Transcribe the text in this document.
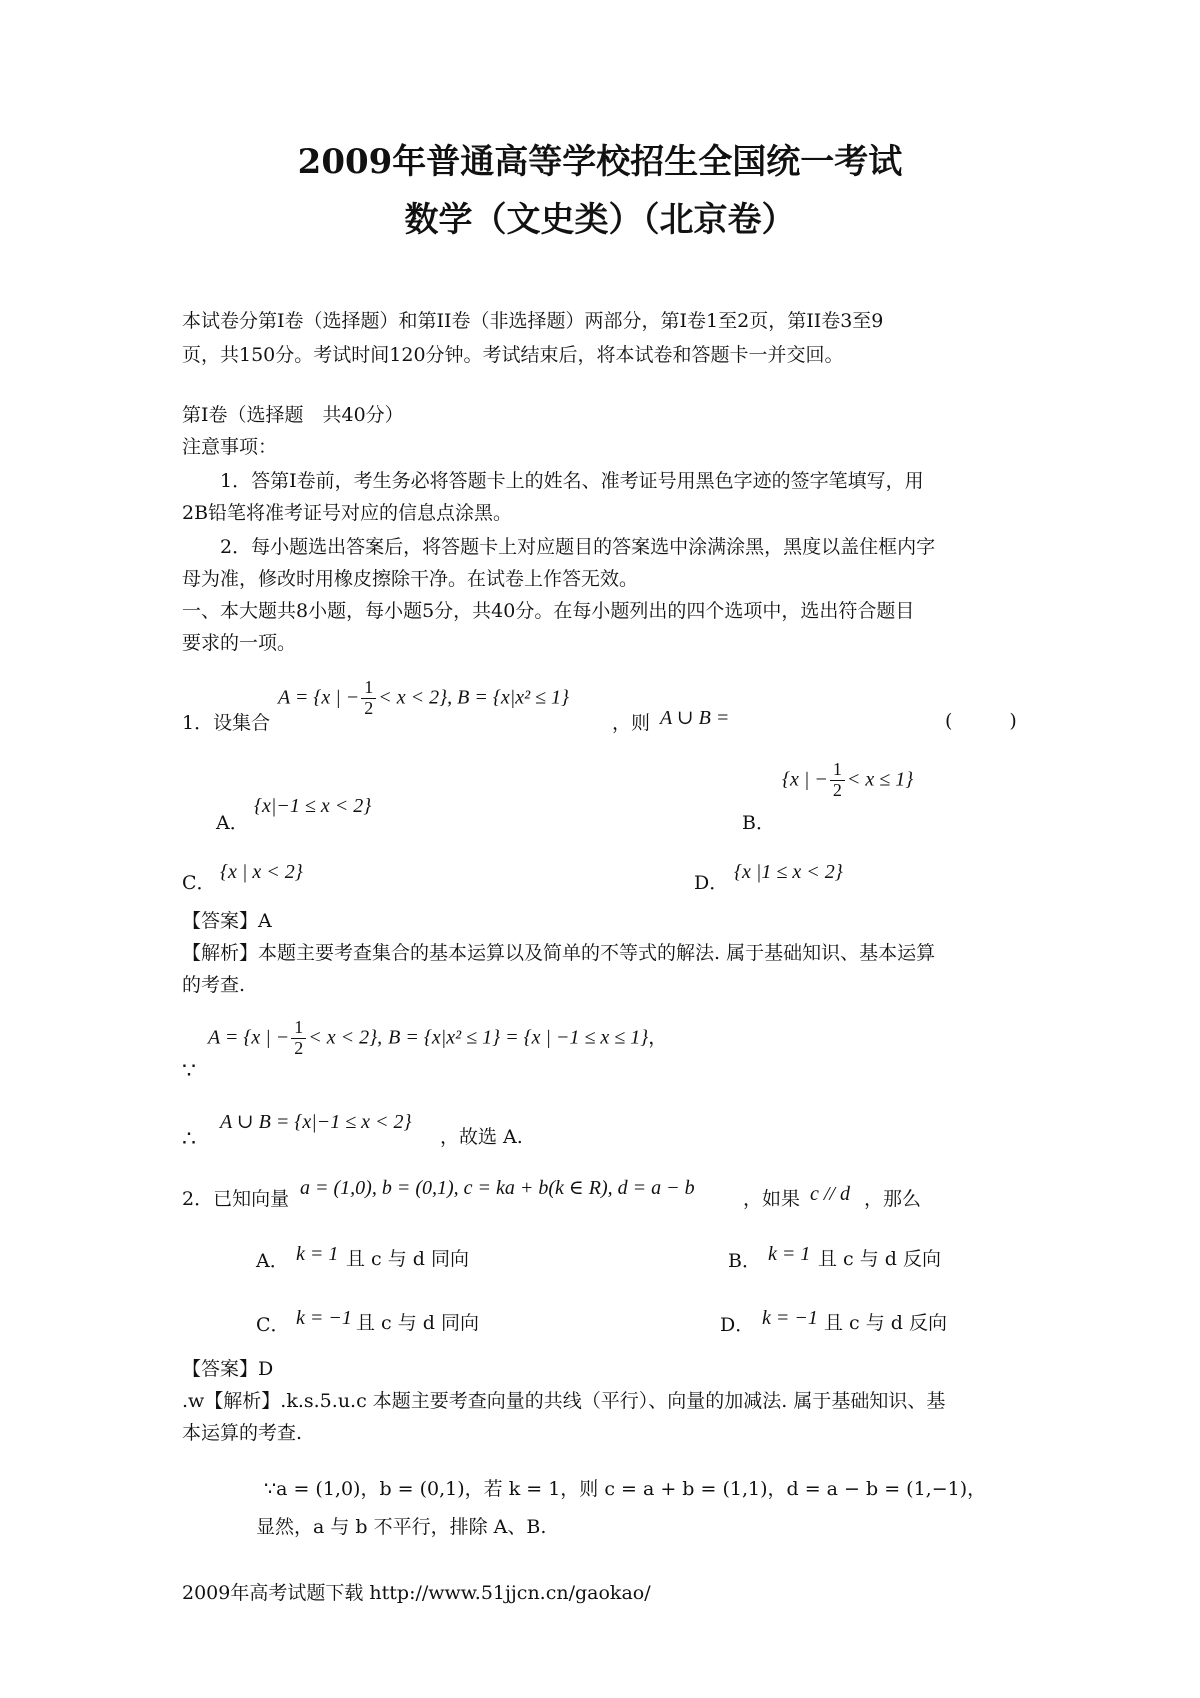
2009年普通高等学校招生全国统一考试
数学（文史类）（北京卷）
本试卷分第I卷（选择题）和第II卷（非选择题）两部分，第I卷1至2页，第II卷3至9
页，共150分。考试时间120分钟。考试结束后，将本试卷和答题卡一并交回。
第I卷（选择题　共40分）
注意事项：
1．答第I卷前，考生务必将答题卡上的姓名、准考证号用黑色字迹的签字笔填写，用
2B铅笔将准考证号对应的信息点涂黑。
2．每小题选出答案后，将答题卡上对应题目的答案选中涂满涂黑，黑度以盖住框内字
母为准，修改时用橡皮擦除干净。在试卷上作答无效。
一、本大题共8小题，每小题5分，共40分。在每小题列出的四个选项中，选出符合题目
要求的一项。
1．设集合
A = {x | − $\frac{1}{2} < x < 2$}, B = {x|x² ≤ 1}
，则 A ∪ B =	(　　　)
A．
{x|−1 ≤ x < 2}
B．
{x | − $\frac{1}{2} < x \le 1$}
C． {x | x < 2}	D． {x |1 ≤ x < 2}
【答案】A
【解析】本题主要考查集合的基本运算以及简单的不等式的解法. 属于基础知识、基本运算
的考查.
∵
A = {x | − $\frac{1}{2} < x < 2$}, B = {x|x² ≤ 1} = {x | −1 ≤ x ≤ 1}，
∴
A ∪ B = {x|−1 ≤ x < 2}
，故选 A.
2．已知向量 a = (1,0), b = (0,1), c = ka + b(k ∈ R), d = a − b	，如果 c // d ，那么
A． k = 1 且 c 与 d 同向	B． k = 1 且 c 与 d 反向
C． k = −1 且 c 与 d 同向	D． k = −1 且 c 与 d 反向
【答案】D
.w【解析】.k.s.5.u.c 本题主要考查向量的共线（平行）、向量的加减法. 属于基础知识、基
本运算的考查.
∵a = (1,0)，b = (0,1)，若 k = 1，则 c = a + b = (1,1)，d = a − b = (1,−1)，
显然，a 与 b 不平行，排除 A、B.
2009年高考试题下载 http://www.51jjcn.cn/gaokao/
